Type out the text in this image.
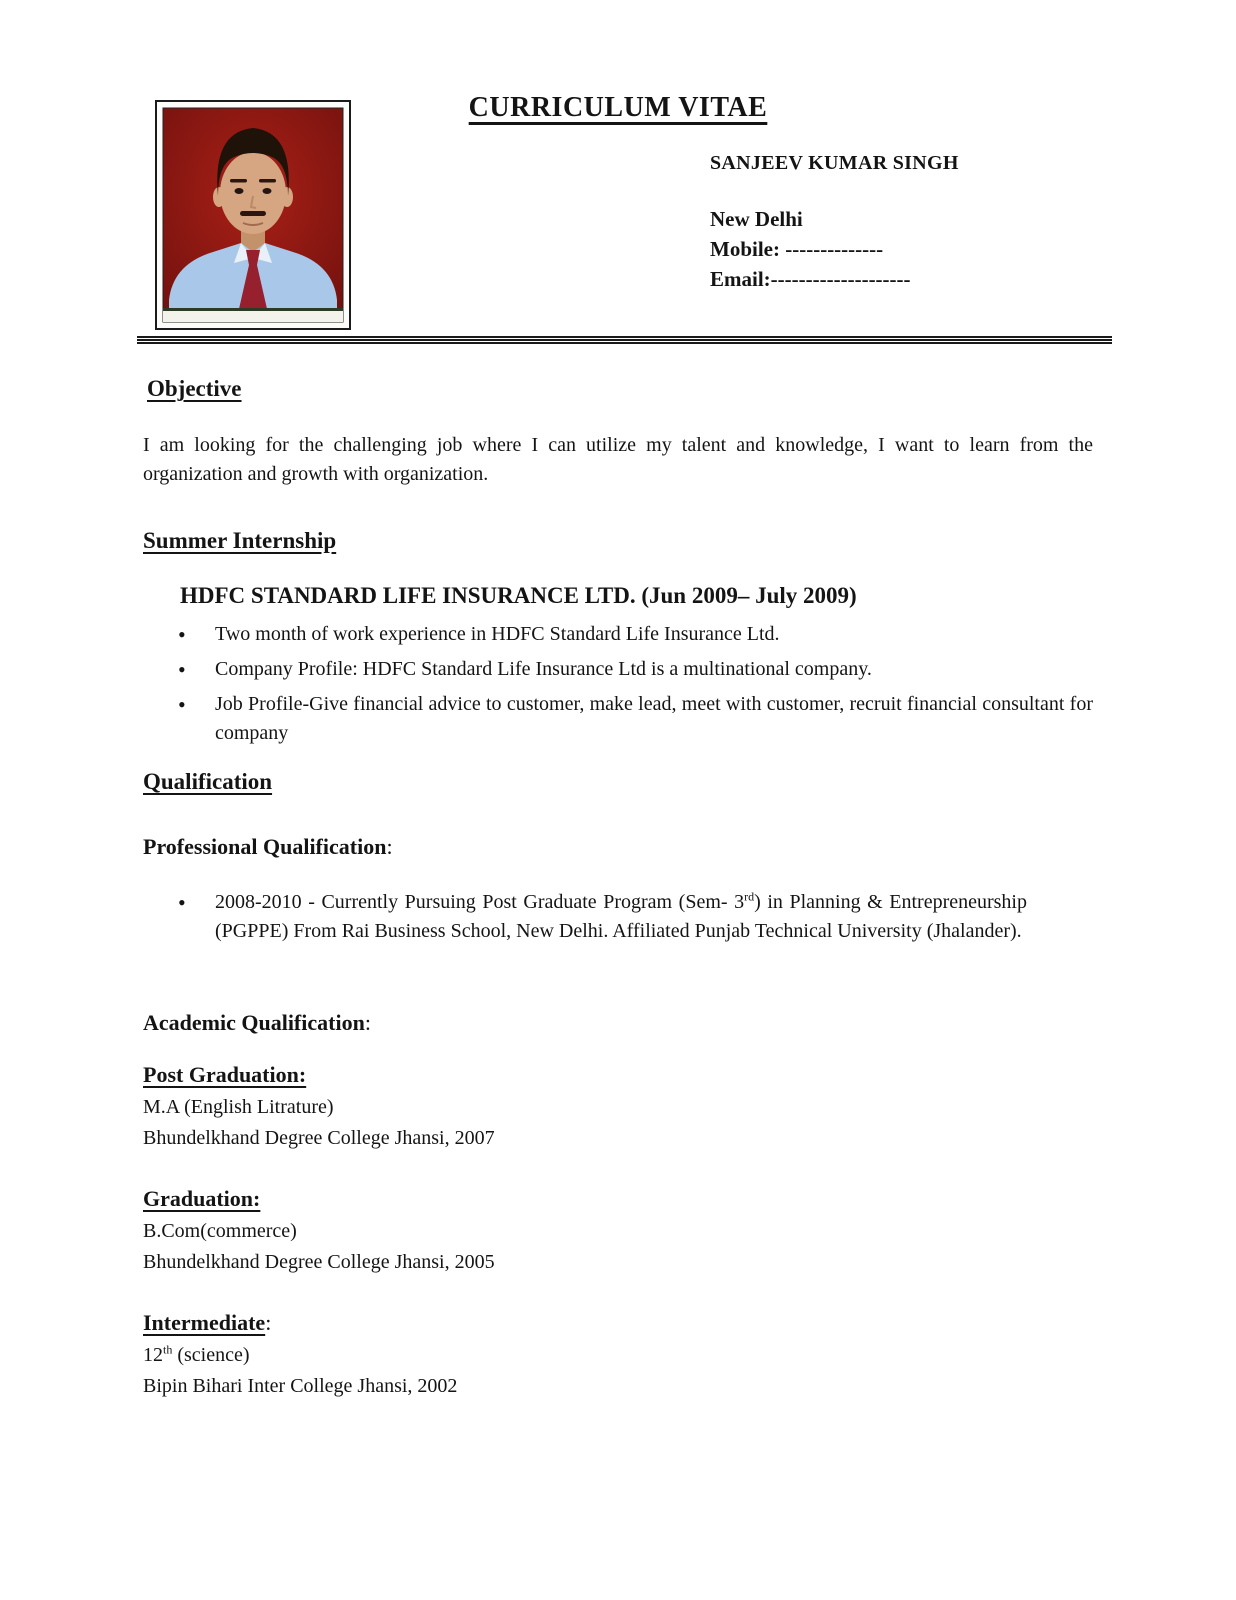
CURRICULUM VITAE

SANJEEV KUMAR SINGH

New Delhi

Mobile: --------------

Email:--------------------

Objective

I am looking for the challenging job where I can utilize my talent and knowledge, I want to learn from the organization and growth with organization.

Summer Internship

HDFC STANDARD LIFE INSURANCE LTD. (Jun 2009– July 2009)

• Two month of work experience in HDFC Standard Life Insurance Ltd.
• Company Profile: HDFC Standard Life Insurance Ltd is a multinational company.
• Job Profile-Give financial advice to customer, make lead, meet with customer, recruit financial consultant for company
Qualification
Professional Qualification:
• 2008-2010 - Currently Pursuing Post Graduate Program (Sem- 3rd) in Planning & Entrepreneurship (PGPPE) From Rai Business School, New Delhi. Affiliated Punjab Technical University (Jhalander).
Academic Qualification:
Post Graduation:

M.A (English Litrature)

Bhundelkhand Degree College Jhansi, 2007

Graduation:

B.Com(commerce)

Bhundelkhand Degree College Jhansi, 2005

Intermediate:

12th (science)

Bipin Bihari Inter College Jhansi, 2002
